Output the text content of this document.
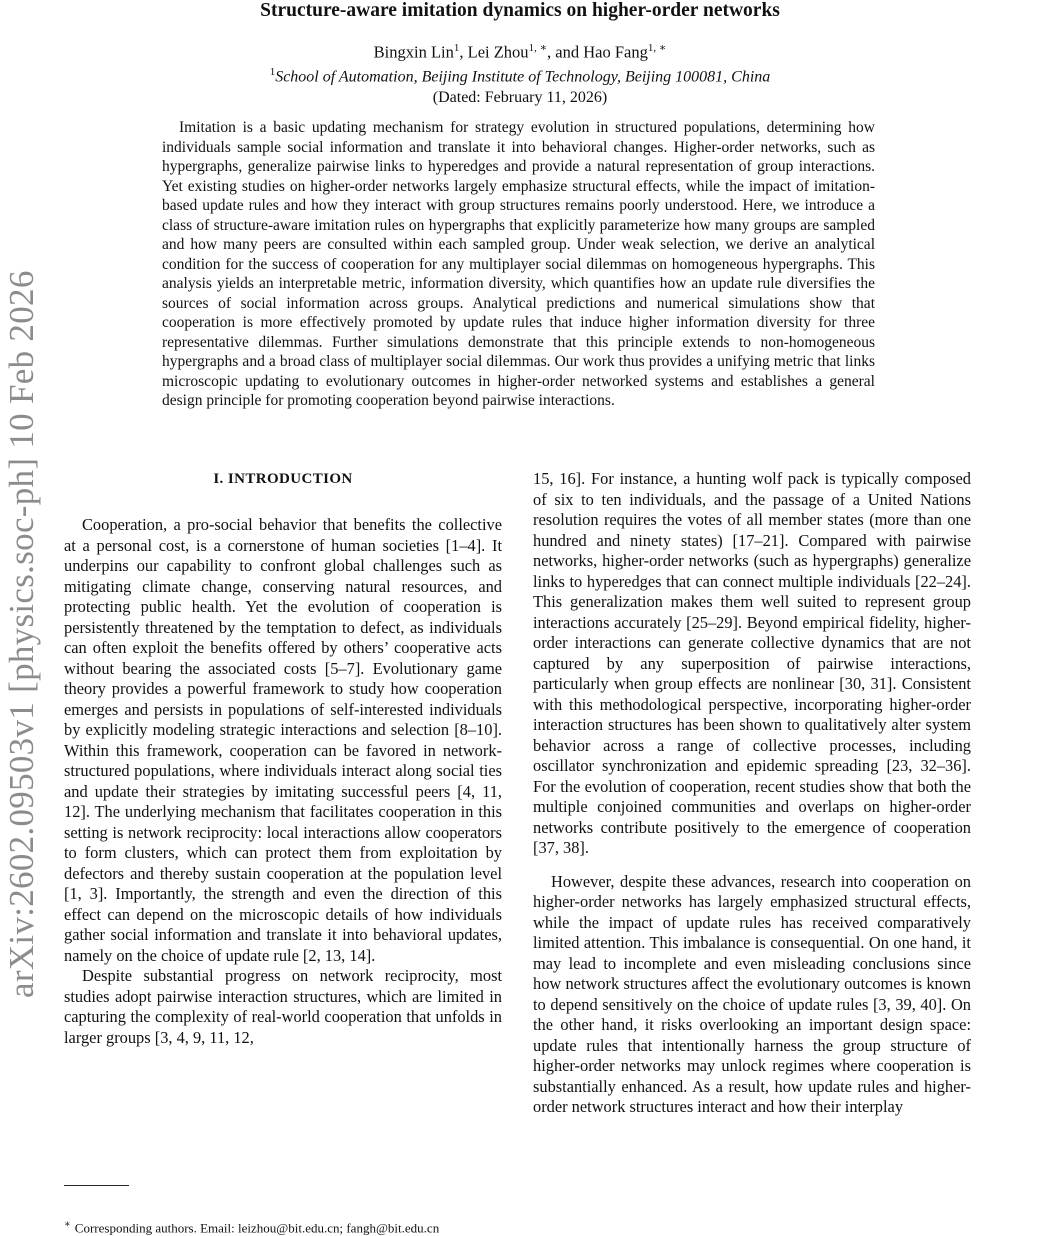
arXiv:2602.09503v1 [physics.soc-ph] 10 Feb 2026
Structure-aware imitation dynamics on higher-order networks
Bingxin Lin$^1$, Lei Zhou$^{1, ∗}$, and Hao Fang$^{1, ∗}$
$^1$School of Automation, Beijing Institute of Technology, Beijing 100081, China
(Dated: February 11, 2026)
Imitation is a basic updating mechanism for strategy evolution in structured populations, determining how individuals sample social information and translate it into behavioral changes. Higher-order networks, such as hypergraphs, generalize pairwise links to hyperedges and provide a natural representation of group interactions. Yet existing studies on higher-order networks largely emphasize structural effects, while the impact of imitation-based update rules and how they interact with group structures remains poorly understood. Here, we introduce a class of structure-aware imitation rules on hypergraphs that explicitly parameterize how many groups are sampled and how many peers are consulted within each sampled group. Under weak selection, we derive an analytical condition for the success of cooperation for any multiplayer social dilemmas on homogeneous hypergraphs. This analysis yields an interpretable metric, information diversity, which quantifies how an update rule diversifies the sources of social information across groups. Analytical predictions and numerical simulations show that cooperation is more effectively promoted by update rules that induce higher information diversity for three representative dilemmas. Further simulations demonstrate that this principle extends to non-homogeneous hypergraphs and a broad class of multiplayer social dilemmas. Our work thus provides a unifying metric that links microscopic updating to evolutionary outcomes in higher-order networked systems and establishes a general design principle for promoting cooperation beyond pairwise interactions.
I. INTRODUCTION

Cooperation, a pro-social behavior that benefits the collective at a personal cost, is a cornerstone of human societies [1–4]. It underpins our capability to confront global challenges such as mitigating climate change, conserving natural resources, and protecting public health. Yet the evolution of cooperation is persistently threatened by the temptation to defect, as individuals can often exploit the benefits offered by others’ cooperative acts without bearing the associated costs [5–7]. Evolutionary game theory provides a powerful framework to study how cooperation emerges and persists in populations of self-interested individuals by explicitly modeling strategic interactions and selection [8–10]. Within this framework, cooperation can be favored in network-structured populations, where individuals interact along social ties and update their strategies by imitating successful peers [4, 11, 12]. The underlying mechanism that facilitates cooperation in this setting is network reciprocity: local interactions allow cooperators to form clusters, which can protect them from exploitation by defectors and thereby sustain cooperation at the population level [1, 3]. Importantly, the strength and even the direction of this effect can depend on the microscopic details of how individuals gather social information and translate it into behavioral updates, namely on the choice of update rule [2, 13, 14].

Despite substantial progress on network reciprocity, most studies adopt pairwise interaction structures, which are limited in capturing the complexity of real-world cooperation that unfolds in larger groups [3, 4, 9, 11, 12,

15, 16]. For instance, a hunting wolf pack is typically composed of six to ten individuals, and the passage of a United Nations resolution requires the votes of all member states (more than one hundred and ninety states) [17–21]. Compared with pairwise networks, higher-order networks (such as hypergraphs) generalize links to hyperedges that can connect multiple individuals [22–24]. This generalization makes them well suited to represent group interactions accurately [25–29]. Beyond empirical fidelity, higher-order interactions can generate collective dynamics that are not captured by any superposition of pairwise interactions, particularly when group effects are nonlinear [30, 31]. Consistent with this methodological perspective, incorporating higher-order interaction structures has been shown to qualitatively alter system behavior across a range of collective processes, including oscillator synchronization and epidemic spreading [23, 32–36]. For the evolution of cooperation, recent studies show that both the multiple conjoined communities and overlaps on higher-order networks contribute positively to the emergence of cooperation [37, 38].

However, despite these advances, research into cooperation on higher-order networks has largely emphasized structural effects, while the impact of update rules has received comparatively limited attention. This imbalance is consequential. On one hand, it may lead to incomplete and even misleading conclusions since how network structures affect the evolutionary outcomes is known to depend sensitively on the choice of update rules [3, 39, 40]. On the other hand, it risks overlooking an important design space: update rules that intentionally harness the group structure of higher-order networks may unlock regimes where cooperation is substantially enhanced. As a result, how update rules and higher-order network structures interact and how their interplay

∗ Corresponding authors. Email: leizhou@bit.edu.cn; fangh@bit.edu.cn
